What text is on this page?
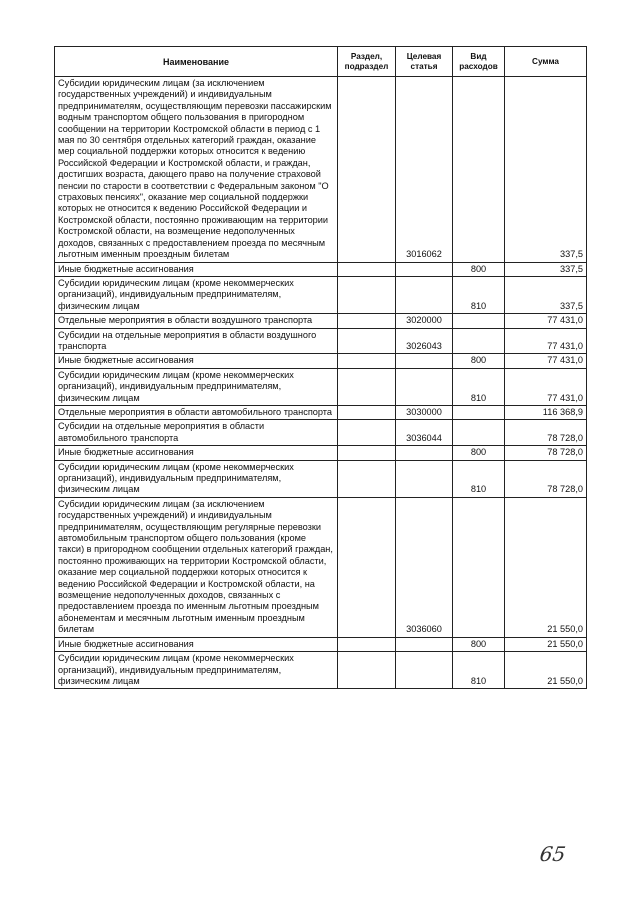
Наименование	Раздел, подраздел	Целевая статья	Вид расходов	Сумма
Субсидии юридическим лицам (за исключением государственных учреждений) и индивидуальным предпринимателям, осуществляющим перевозки пассажирским водным транспортом общего пользования в пригородном сообщении на территории Костромской области в период с 1 мая по 30 сентября отдельных категорий граждан, оказание мер социальной поддержки которых относится к ведению Российской Федерации и Костромской области, и граждан, достигших возраста, дающего право на получение страховой пенсии по старости в соответствии с Федеральным законом "О страховых пенсиях", оказание мер социальной поддержки которых не относится к ведению Российской Федерации и Костромской области, постоянно проживающим на территории Костромской области, на возмещение недополученных доходов, связанных с предоставлением проезда по месячным льготным именным проездным билетам		3016062		337,5
Иные бюджетные ассигнования			800	337,5
Субсидии юридическим лицам (кроме некоммерческих организаций), индивидуальным предпринимателям, физическим лицам			810	337,5
Отдельные мероприятия в области воздушного транспорта		3020000		77 431,0
Субсидии на отдельные мероприятия в области воздушного транспорта		3026043		77 431,0
Иные бюджетные ассигнования			800	77 431,0
Субсидии юридическим лицам (кроме некоммерческих организаций), индивидуальным предпринимателям, физическим лицам			810	77 431,0
Отдельные мероприятия в области автомобильного транспорта		3030000		116 368,9
Субсидии на отдельные мероприятия в области автомобильного транспорта		3036044		78 728,0
Иные бюджетные ассигнования			800	78 728,0
Субсидии юридическим лицам (кроме некоммерческих организаций), индивидуальным предпринимателям, физическим лицам			810	78 728,0
Субсидии юридическим лицам (за исключением государственных учреждений) и индивидуальным предпринимателям, осуществляющим регулярные перевозки автомобильным транспортом общего пользования (кроме такси) в пригородном сообщении отдельных категорий граждан, постоянно проживающих на территории Костромской области, оказание мер социальной поддержки которых относится к ведению Российской Федерации и Костромской области, на возмещение недополученных доходов, связанных с предоставлением проезда по именным льготным проездным абонементам и месячным льготным именным проездным билетам		3036060		21 550,0
Иные бюджетные ассигнования			800	21 550,0
Субсидии юридическим лицам (кроме некоммерческих организаций), индивидуальным предпринимателям, физическим лицам			810	21 550,0
65
